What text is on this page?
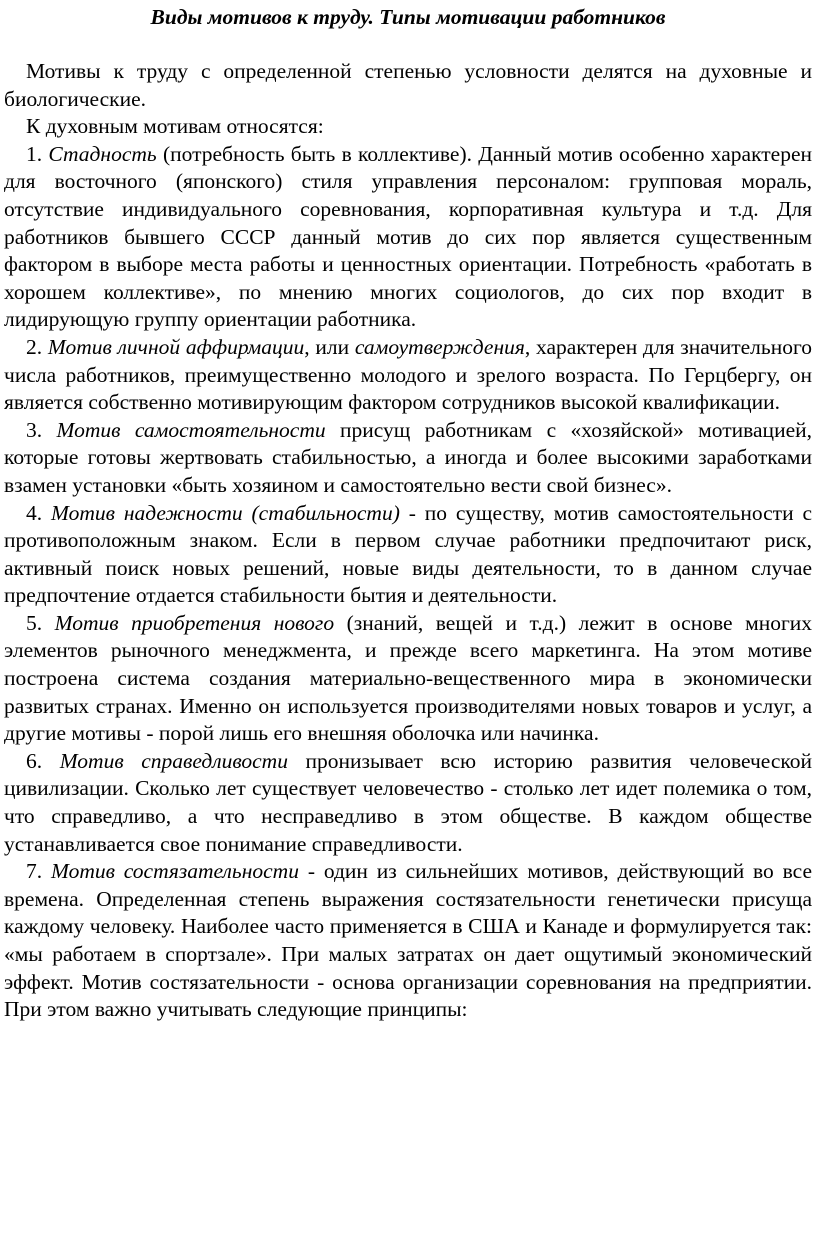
Виды мотивов к труду. Типы мотивации работников

Мотивы к труду с определенной степенью условности делятся на духовные и биологические.

К духовным мотивам относятся:

1. Стадность (потребность быть в коллективе). Данный мотив особенно характерен для восточного (японского) стиля управления персоналом: групповая мораль, отсутствие индивидуального соревнования, корпоративная культура и т.д. Для работников бывшего СССР данный мотив до сих пор является существенным фактором в выборе места работы и ценностных ориентации. Потребность «работать в хорошем коллективе», по мнению многих социологов, до сих пор входит в лидирующую группу ориентации работника.

2. Мотив личной аффирмации, или самоутверждения, характерен для значительного числа работников, преимущественно молодого и зрелого возраста. По Герцбергу, он является собственно мотивирующим фактором сотрудников высокой квалификации.

3. Мотив самостоятельности присущ работникам с «хозяйской» мотивацией, которые готовы жертвовать стабильностью, а иногда и более высокими заработками взамен установки «быть хозяином и самостоятельно вести свой бизнес».

4. Мотив надежности (стабильности) - по существу, мотив самостоятельности с противоположным знаком. Если в первом случае работники предпочитают риск, активный поиск новых решений, новые виды деятельности, то в данном случае предпочтение отдается стабильности бытия и деятельности.

5. Мотив приобретения нового (знаний, вещей и т.д.) лежит в основе многих элементов рыночного менеджмента, и прежде всего маркетинга. На этом мотиве построена система создания материально-вещественного мира в экономически развитых странах. Именно он используется производителями новых товаров и услуг, а другие мотивы - порой лишь его внешняя оболочка или начинка.

6. Мотив справедливости пронизывает всю историю развития человеческой цивилизации. Сколько лет существует человечество - столько лет идет полемика о том, что справедливо, а что несправедливо в этом обществе. В каждом обществе устанавливается свое понимание справедливости.

7. Мотив состязательности - один из сильнейших мотивов, действующий во все времена. Определенная степень выражения состязательности генетически присуща каждому человеку. Наиболее часто применяется в США и Канаде и формулируется так: «мы работаем в спортзале». При малых затратах он дает ощутимый экономический эффект. Мотив состязательности - основа организации соревнования на предприятии. При этом важно учитывать следующие принципы:
